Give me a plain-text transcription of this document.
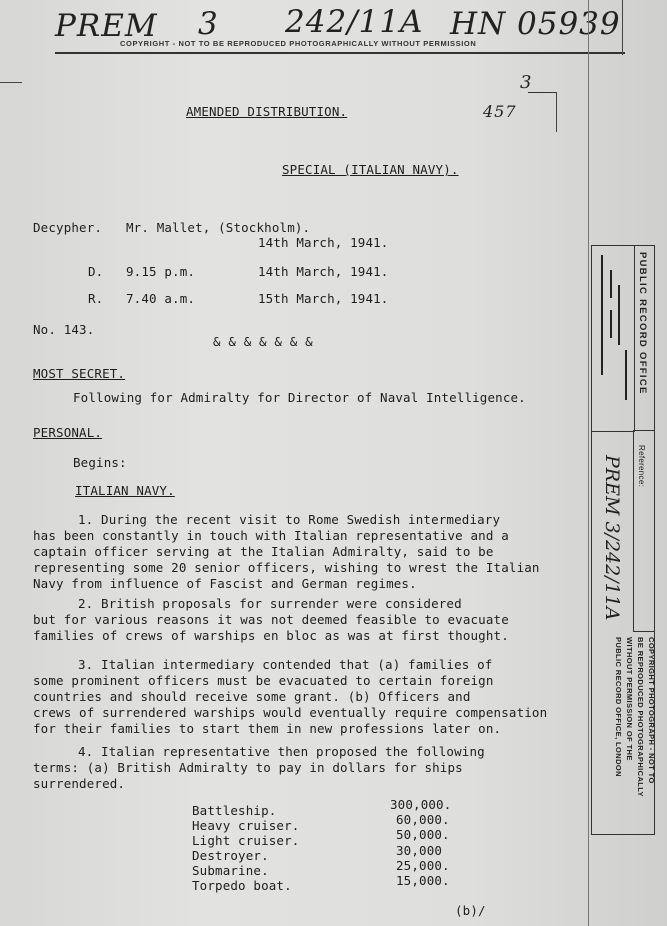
PREM 3 242/11A HN 05939
COPYRIGHT - NOT TO BE REPRODUCED PHOTOGRAPHICALLY WITHOUT PERMISSION
3
457
AMENDED DISTRIBUTION.
SPECIAL (ITALIAN NAVY).
Decypher. Mr. Mallet, (Stockholm).
14th March, 1941.
D. 9.15 p.m.	14th March, 1941.
R. 7.40 a.m.	15th March, 1941.
No. 143.
& & & & & & &
MOST SECRET.
Following for Admiralty for Director of Naval Intelligence.
PERSONAL.
Begins:
ITALIAN NAVY.
1. During the recent visit to Rome Swedish intermediary
has been constantly in touch with Italian representative and a
captain officer serving at the Italian Admiralty, said to be
representing some 20 senior officers, wishing to wrest the Italian
Navy from influence of Fascist and German regimes.
2. British proposals for surrender were considered
but for various reasons it was not deemed feasible to evacuate
families of crews of warships en bloc as was at first thought.
3. Italian intermediary contended that (a) families of
some prominent officers must be evacuated to certain foreign
countries and should receive some grant. (b) Officers and
crews of surrendered warships would eventually require compensation
for their families to start them in new professions later on.
4. Italian representative then proposed the following
terms: (a) British Admiralty to pay in dollars for ships
surrendered.
Battleship.	300,000.
Heavy cruiser.	60,000.
Light cruiser.	50,000.
Destroyer.	30,000
Submarine.	25,000.
Torpedo boat.	15,000.
(b)/
PUBLIC RECORD OFFICE
Reference:
PREM 3/242/11A
COPYRIGHT PHOTOGRAPH - NOT TO
BE REPRODUCED PHOTOGRAPHICALLY
WITHOUT PERMISSION OF THE
PUBLIC RECORD OFFICE, LONDON
